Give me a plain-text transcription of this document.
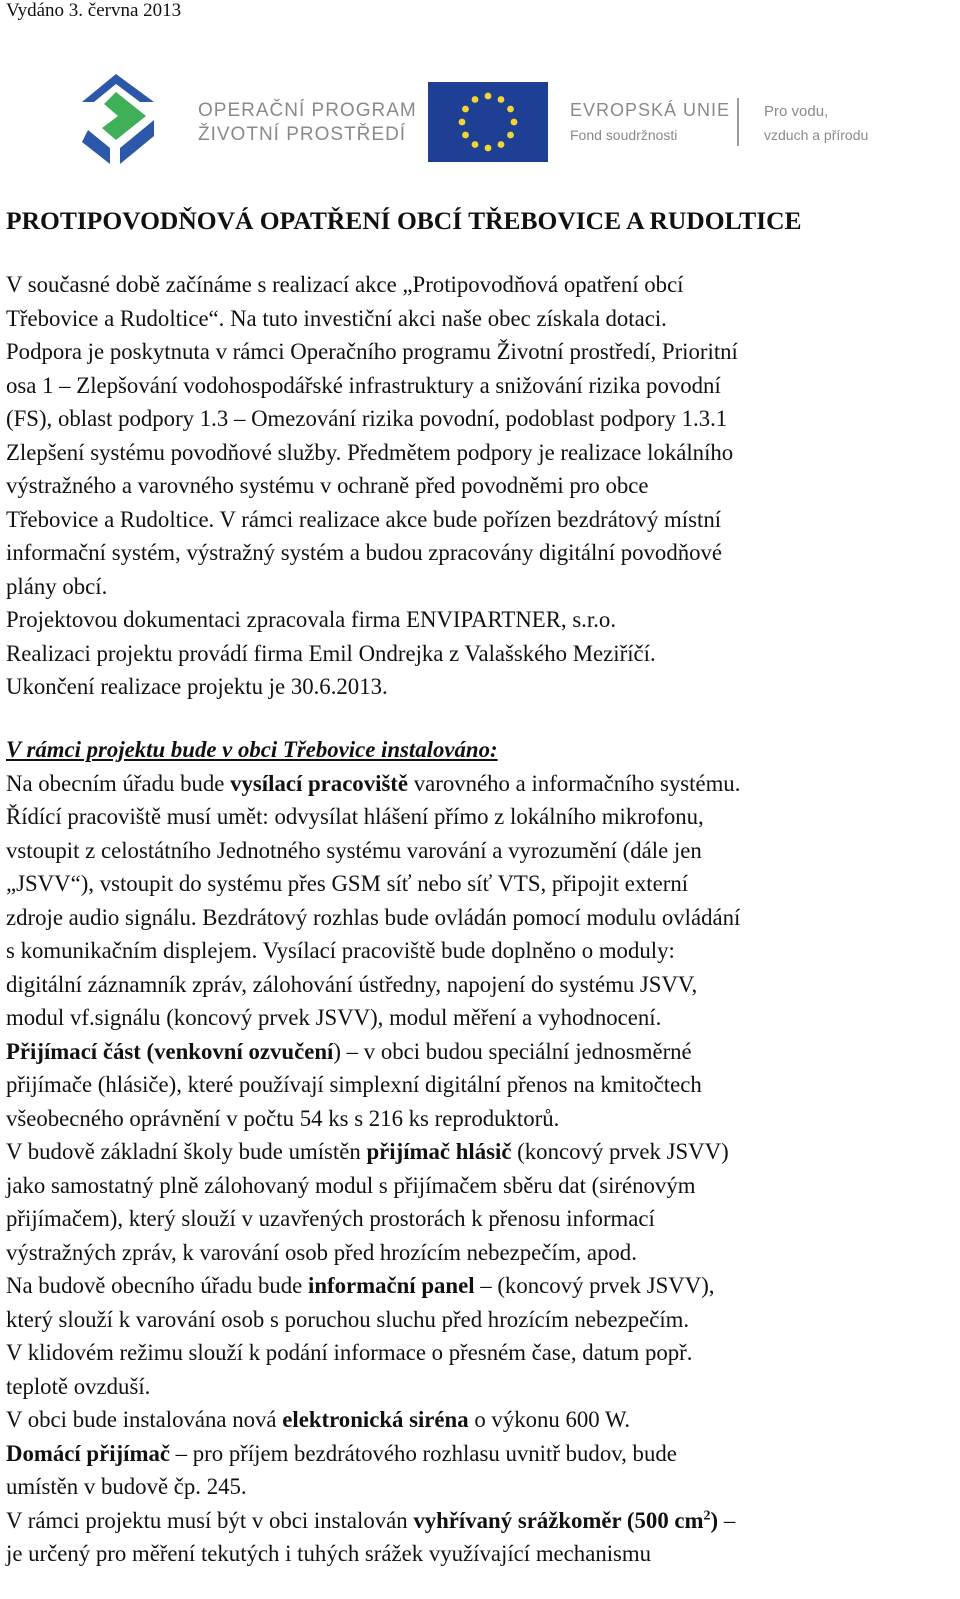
Vydáno 3. června 2013
OPERAČNÍ PROGRAM
ŽIVOTNÍ PROSTŘEDÍ
EVROPSKÁ UNIE
Fond soudržnosti
Pro vodu,
vzduch a přírodu
PROTIPOVODŇOVÁ OPATŘENÍ OBCÍ TŘEBOVICE A RUDOLTICE

V současné době začínáme s realizací akce „Protipovodňová opatření obcí
Třebovice a Rudoltice“. Na tuto investiční akci naše obec získala dotaci.
Podpora je poskytnuta v rámci Operačního programu Životní prostředí, Prioritní
osa 1 – Zlepšování vodohospodářské infrastruktury a snižování rizika povodní
(FS), oblast podpory 1.3 – Omezování rizika povodní, podoblast podpory 1.3.1
Zlepšení systému povodňové služby. Předmětem podpory je realizace lokálního
výstražného a varovného systému v ochraně před povodněmi pro obce
Třebovice a Rudoltice. V rámci realizace akce bude pořízen bezdrátový místní
informační systém, výstražný systém a budou zpracovány digitální povodňové
plány obcí.
Projektovou dokumentaci zpracovala firma ENVIPARTNER, s.r.o.
Realizaci projektu provádí firma Emil Ondrejka z Valašského Meziříčí.
Ukončení realizace projektu je 30.6.2013.

V rámci projektu bude v obci Třebovice instalováno:
Na obecním úřadu bude vysílací pracoviště varovného a informačního systému.
Řídící pracoviště musí umět: odvysílat hlášení přímo z lokálního mikrofonu,
vstoupit z celostátního Jednotného systému varování a vyrozumění (dále jen
„JSVV“), vstoupit do systému přes GSM síť nebo síť VTS, připojit externí
zdroje audio signálu. Bezdrátový rozhlas bude ovládán pomocí modulu ovládání
s komunikačním displejem. Vysílací pracoviště bude doplněno o moduly:
digitální záznamník zpráv, zálohování ústředny, napojení do systému JSVV,
modul vf.signálu (koncový prvek JSVV), modul měření a vyhodnocení.
Přijímací část (venkovní ozvučení) – v obci budou speciální jednosměrné
přijímače (hlásiče), které používají simplexní digitální přenos na kmitočtech
všeobecného oprávnění v počtu 54 ks s 216 ks reproduktorů.
V budově základní školy bude umístěn přijímač hlásič (koncový prvek JSVV)
jako samostatný plně zálohovaný modul s přijímačem sběru dat (sirénovým
přijímačem), který slouží v uzavřených prostorách k přenosu informací
výstražných zpráv, k varování osob před hrozícím nebezpečím, apod.
Na budově obecního úřadu bude informační panel – (koncový prvek JSVV),
který slouží k varování osob s poruchou sluchu před hrozícím nebezpečím.
V klidovém režimu slouží k podání informace o přesném čase, datum popř.
teplotě ovzduší.
V obci bude instalována nová elektronická siréna o výkonu 600 W.
Domácí přijímač – pro příjem bezdrátového rozhlasu uvnitř budov, bude
umístěn v budově čp. 245.
V rámci projektu musí být v obci instalován vyhřívaný srážkoměr (500 $cm^2$) –
je určený pro měření tekutých i tuhých srážek využívající mechanismu
